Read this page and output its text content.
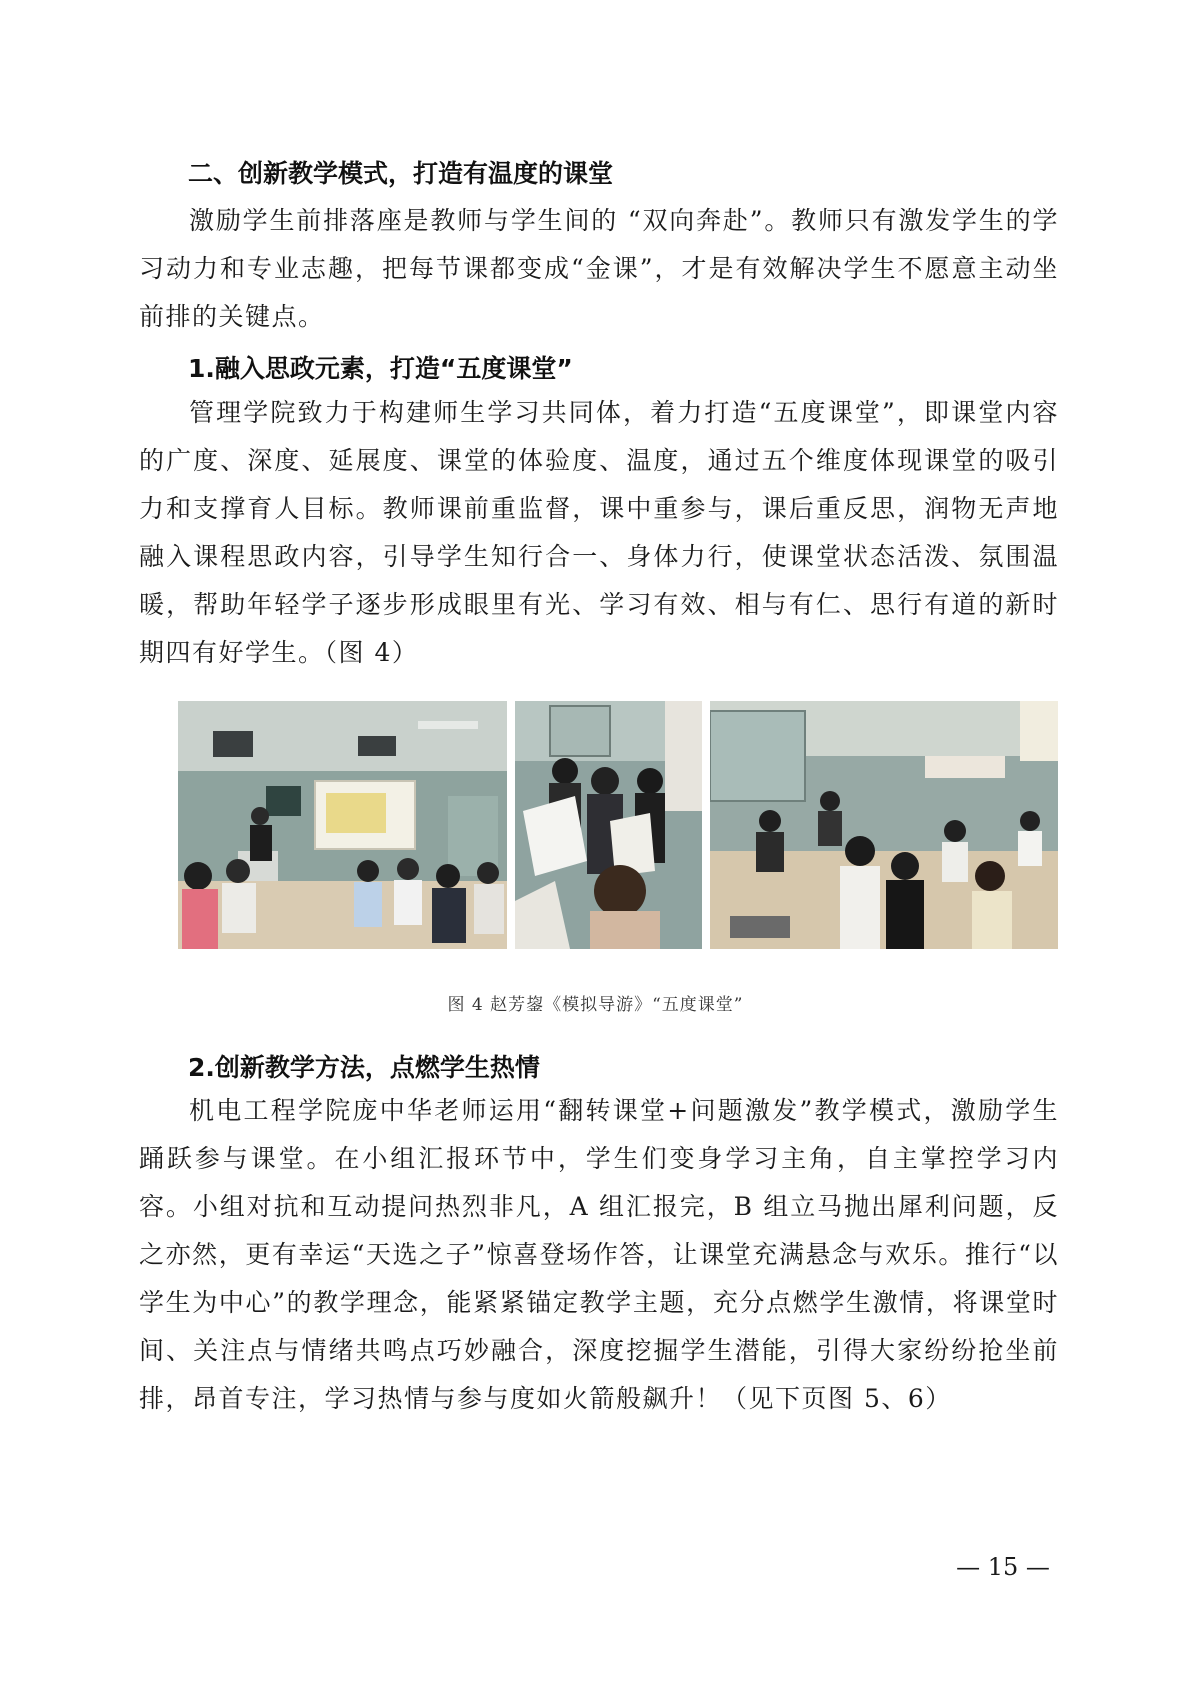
二、创新教学模式，打造有温度的课堂

激励学生前排落座是教师与学生间的 “双向奔赴”。教师只有激发学生的学习动力和专业志趣，把每节课都变成“金课”，才是有效解决学生不愿意主动坐前排的关键点。

1.融入思政元素，打造“五度课堂”

管理学院致力于构建师生学习共同体，着力打造“五度课堂”，即课堂内容的广度、深度、延展度、课堂的体验度、温度，通过五个维度体现课堂的吸引力和支撑育人目标。教师课前重监督，课中重参与，课后重反思，润物无声地融入课程思政内容，引导学生知行合一、身体力行，使课堂状态活泼、氛围温暖，帮助年轻学子逐步形成眼里有光、学习有效、相与有仁、思行有道的新时期四有好学生。（图 4）

图 4 赵芳鋆《模拟导游》“五度课堂”
2.创新教学方法，点燃学生热情

机电工程学院庞中华老师运用“翻转课堂+问题激发”教学模式，激励学生踊跃参与课堂。在小组汇报环节中，学生们变身学习主角，自主掌控学习内容。小组对抗和互动提问热烈非凡，A 组汇报完，B 组立马抛出犀利问题，反之亦然，更有幸运“天选之子”惊喜登场作答，让课堂充满悬念与欢乐。推行“以学生为中心”的教学理念，能紧紧锚定教学主题，充分点燃学生激情，将课堂时间、关注点与情绪共鸣点巧妙融合，深度挖掘学生潜能，引得大家纷纷抢坐前排，昂首专注，学习热情与参与度如火箭般飙升！（见下页图 5、6）

— 15 —
